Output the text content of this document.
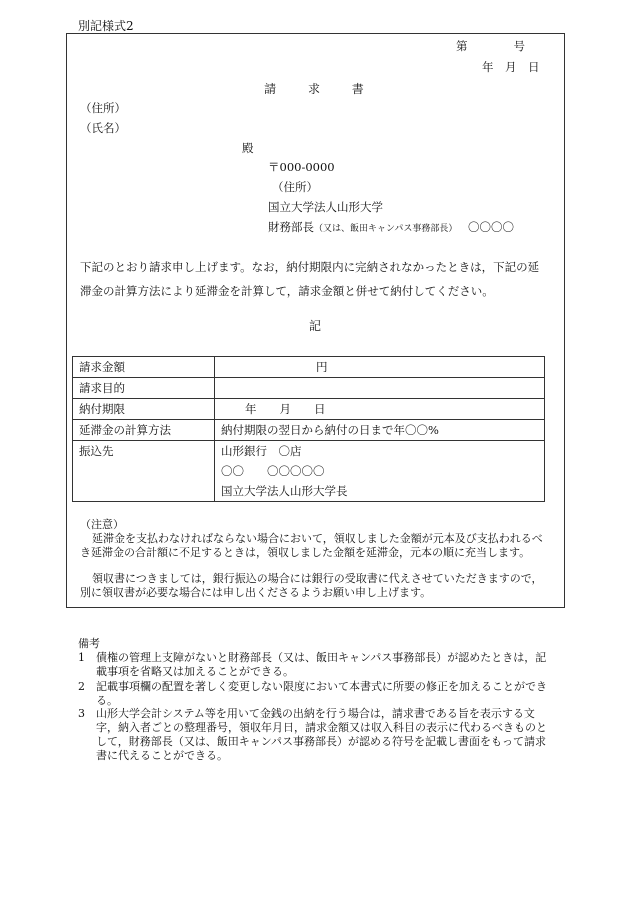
別記様式2
第　　　　号
年　月　日
請 求 書
（住所）
（氏名）
殿
〒000-0000
（住所）
国立大学法人山形大学
財務部長（又は、飯田キャンパス事務部長） 〇〇〇〇
下記のとおり請求申し上げます。なお，納付期限内に完納されなかったときは，下記の延
滞金の計算方法により延滞金を計算して，請求金額と併せて納付してください。
記
請求金額	円
請求目的	
納付期限	年　　月　　日
延滞金の計算方法	納付期限の翌日から納付の日まで年〇〇%
振込先	山形銀行　〇店
〇〇　　〇〇〇〇〇
国立大学法人山形大学長
（注意）
延滞金を支払わなければならない場合において，領収しました金額が元本及び支払われるべき延滞金の合計額に不足するときは，領収しました金額を延滞金，元本の順に充当します。
領収書につきましては，銀行振込の場合には銀行の受取書に代えさせていただきますので，別に領収書が必要な場合には申し出くださるようお願い申し上げます。
備考
1　債権の管理上支障がないと財務部長（又は、飯田キャンパス事務部長）が認めたときは，記載事項を省略又は加えることができる。
2　記載事項欄の配置を著しく変更しない限度において本書式に所要の修正を加えることができる。
3　山形大学会計システム等を用いて金銭の出納を行う場合は，請求書である旨を表示する文字，納入者ごとの整理番号，領収年月日，請求金額又は収入科目の表示に代わるべきものとして，財務部長（又は、飯田キャンパス事務部長）が認める符号を記載し書面をもって請求書に代えることができる。
